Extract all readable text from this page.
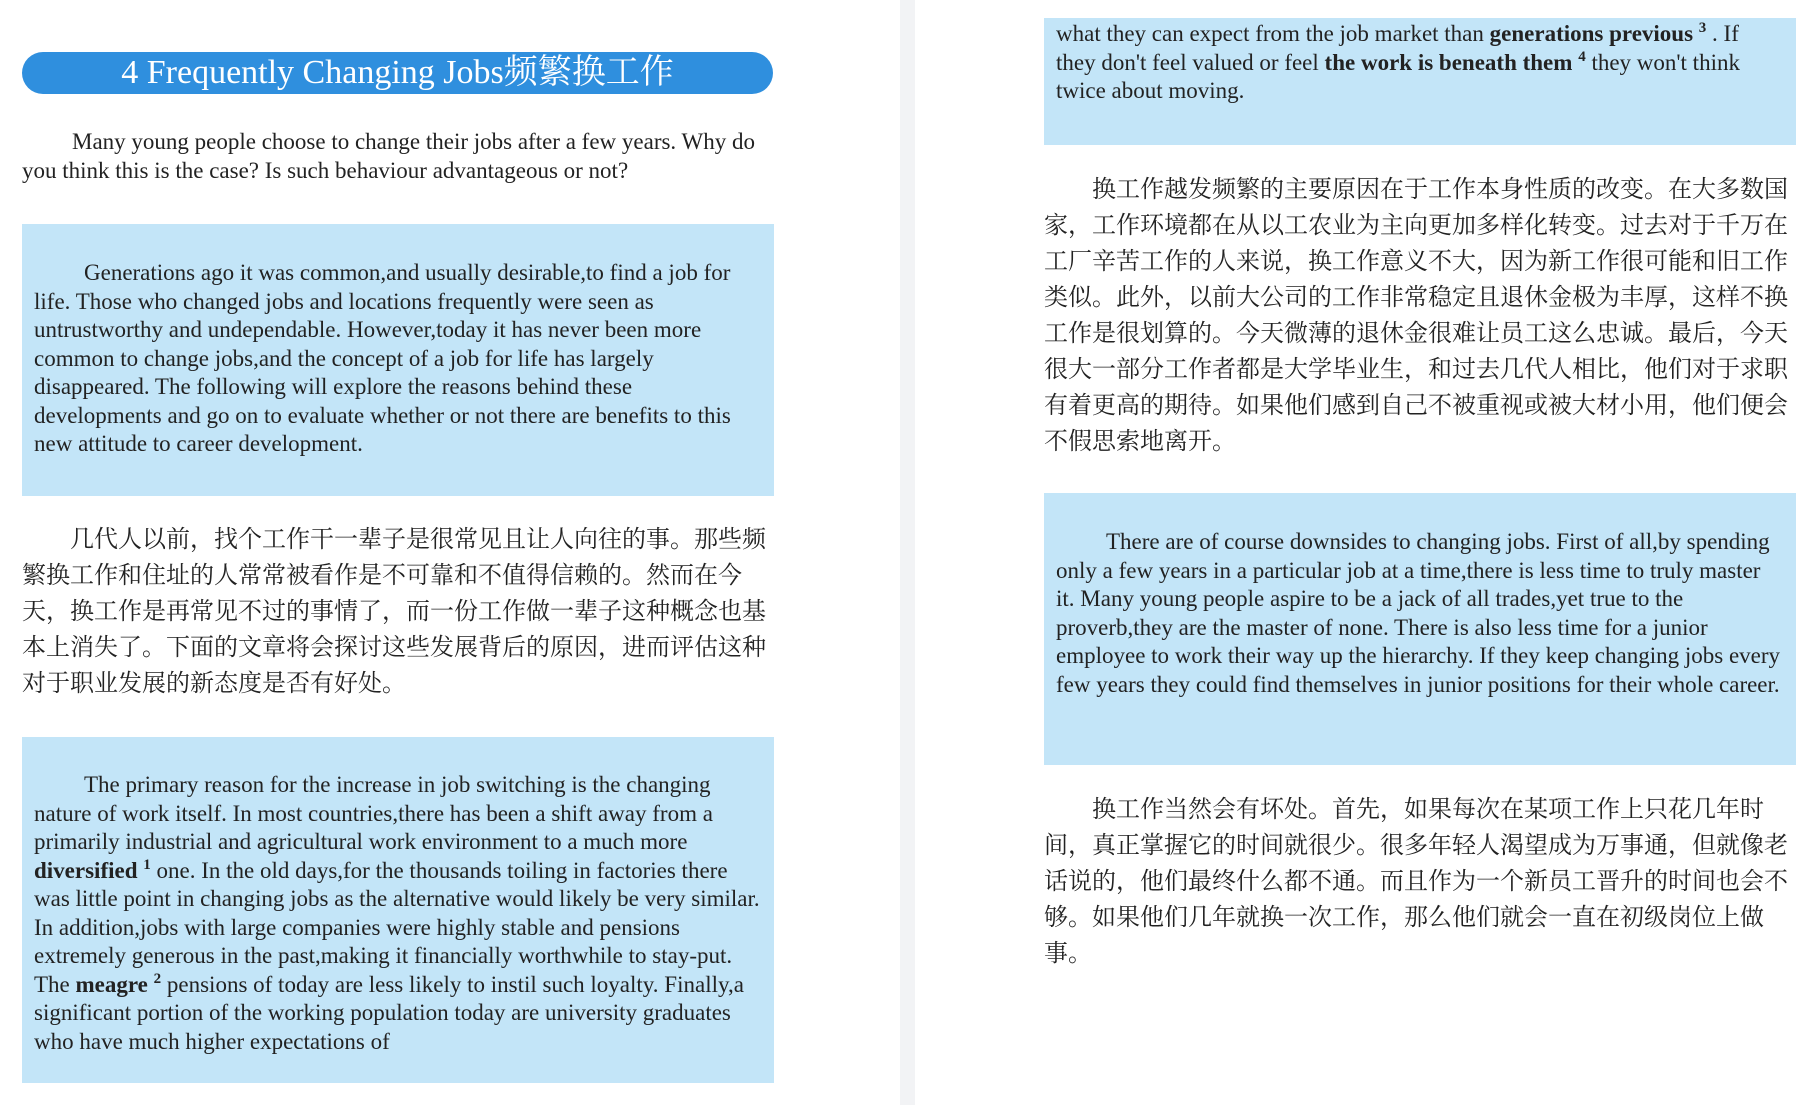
4 Frequently Changing Jobs频繁换工作

Many young people choose to change their jobs after a few years. Why do you think this is the case? Is such behaviour advantageous or not?

Generations ago it was common,and usually desirable,to find a job for life. Those who changed jobs and locations frequently were seen as untrustworthy and undependable. However,today it has never been more common to change jobs,and the concept of a job for life has largely disappeared. The following will explore the reasons behind these developments and go on to evaluate whether or not there are benefits to this new attitude to career development.

几代人以前，找个工作干一辈子是很常见且让人向往的事。那些频繁换工作和住址的人常常被看作是不可靠和不值得信赖的。然而在今天，换工作是再常见不过的事情了，而一份工作做一辈子这种概念也基本上消失了。下面的文章将会探讨这些发展背后的原因，进而评估这种对于职业发展的新态度是否有好处。

The primary reason for the increase in job switching is the changing nature of work itself. In most countries,there has been a shift away from a primarily industrial and agricultural work environment to a much more diversified $^1$ one. In the old days,for the thousands toiling in factories there was little point in changing jobs as the alternative would likely be very similar. In addition,jobs with large companies were highly stable and pensions extremely generous in the past,making it financially worthwhile to stay-put. The meagre $^2$ pensions of today are less likely to instil such loyalty. Finally,a significant portion of the working population today are university graduates who have much higher expectations of

what they can expect from the job market than generations previous $^3$ . If they don't feel valued or feel the work is beneath them $^4$ they won't think twice about moving.

换工作越发频繁的主要原因在于工作本身性质的改变。在大多数国家，工作环境都在从以工农业为主向更加多样化转变。过去对于千万在工厂辛苦工作的人来说，换工作意义不大，因为新工作很可能和旧工作类似。此外，以前大公司的工作非常稳定且退休金极为丰厚，这样不换工作是很划算的。今天微薄的退休金很难让员工这么忠诚。最后，今天很大一部分工作者都是大学毕业生，和过去几代人相比，他们对于求职有着更高的期待。如果他们感到自己不被重视或被大材小用，他们便会不假思索地离开。

There are of course downsides to changing jobs. First of all,by spending only a few years in a particular job at a time,there is less time to truly master it. Many young people aspire to be a jack of all trades,yet true to the proverb,they are the master of none. There is also less time for a junior employee to work their way up the hierarchy. If they keep changing jobs every few years they could find themselves in junior positions for their whole career.

换工作当然会有坏处。首先，如果每次在某项工作上只花几年时间，真正掌握它的时间就很少。很多年轻人渴望成为万事通，但就像老话说的，他们最终什么都不通。而且作为一个新员工晋升的时间也会不够。如果他们几年就换一次工作，那么他们就会一直在初级岗位上做事。
